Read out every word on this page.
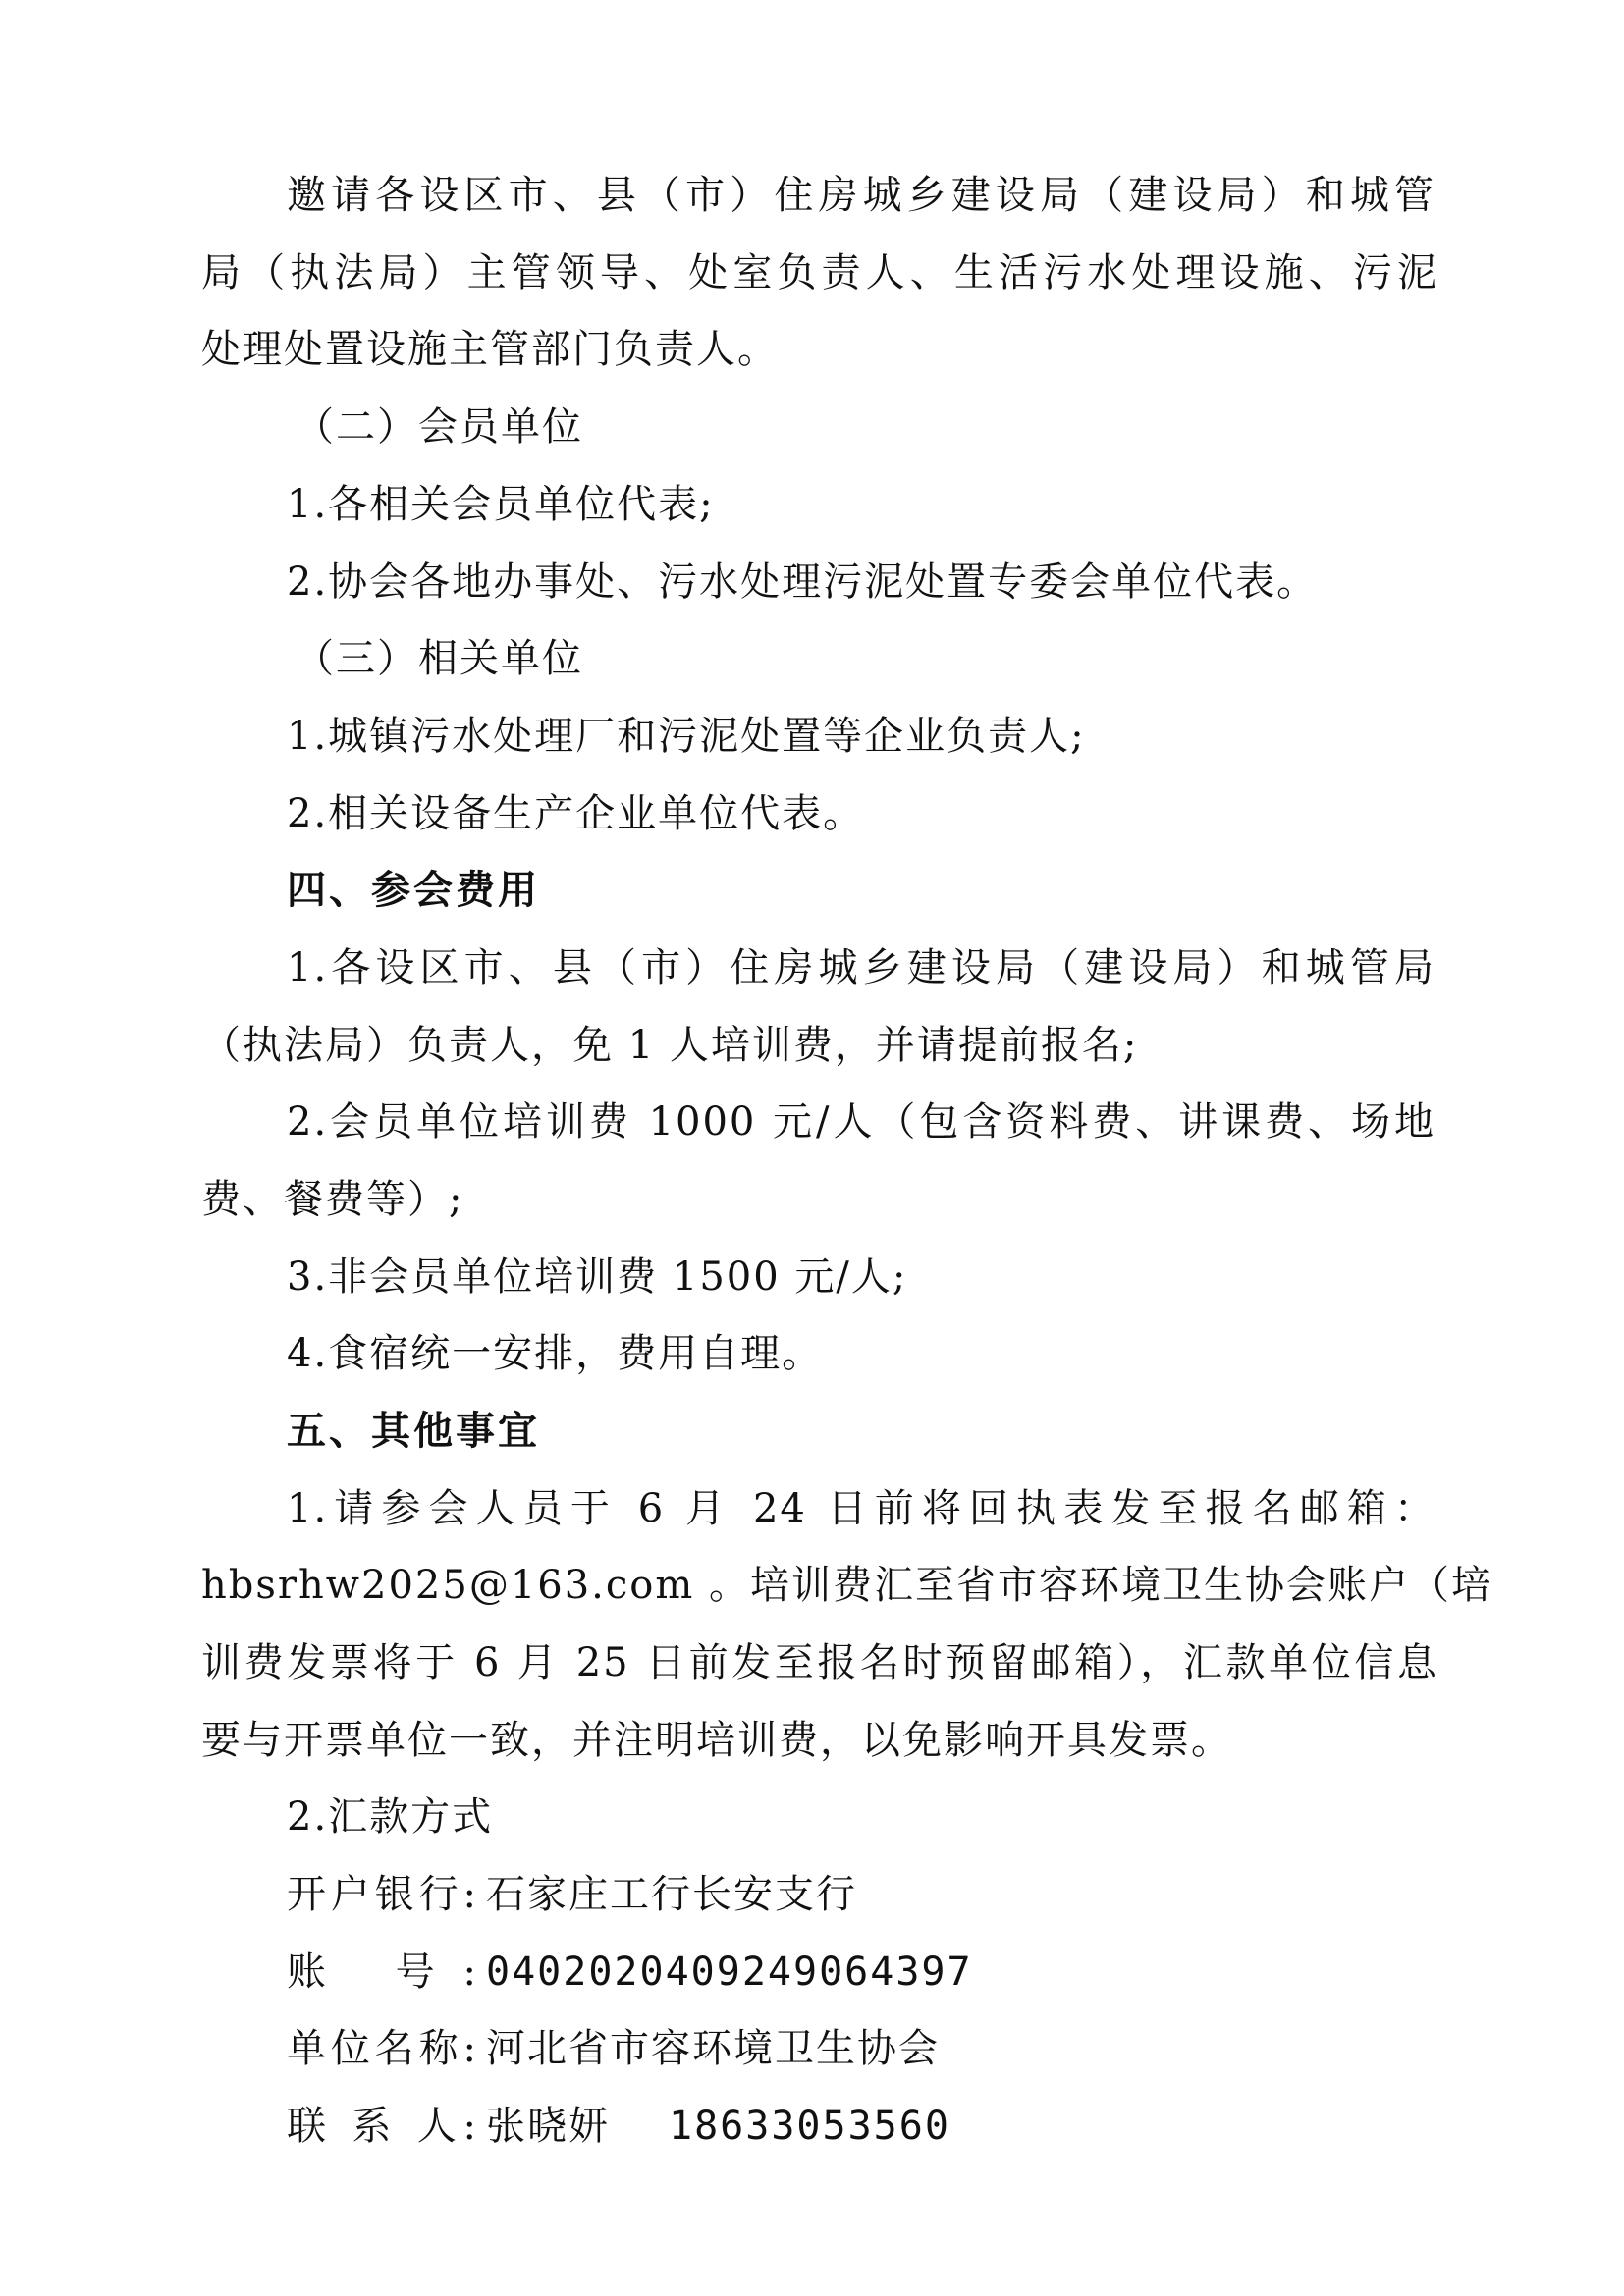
邀请各设区市、县（市）住房城乡建设局（建设局）和城管
局（执法局）主管领导、处室负责人、生活污水处理设施、污泥
处理处置设施主管部门负责人。
（二）会员单位
1.各相关会员单位代表;
2.协会各地办事处、污水处理污泥处置专委会单位代表。
（三）相关单位
1.城镇污水处理厂和污泥处置等企业负责人;
2.相关设备生产企业单位代表。
四、参会费用
1.各设区市、县（市）住房城乡建设局（建设局）和城管局
（执法局）负责人，免 1 人培训费，并请提前报名;
2.会员单位培训费 1000 元/人（包含资料费、讲课费、场地
费、餐费等）;
3.非会员单位培训费 1500 元/人;
4.食宿统一安排，费用自理。
五、其他事宜
1.请参会人员于 6 月 24 日前将回执表发至报名邮箱：
hbsrhw2025@163.com 。培训费汇至省市容环境卫生协会账户（培
训费发票将于 6 月 25 日前发至报名时预留邮箱），汇款单位信息
要与开票单位一致，并注明培训费，以免影响开具发票。
2.汇款方式
开户银行: 石家庄工行长安支行
账 号: 0402020409249064397
单位名称: 河北省市容环境卫生协会
联 系 人: 张晓妍 18633053560
